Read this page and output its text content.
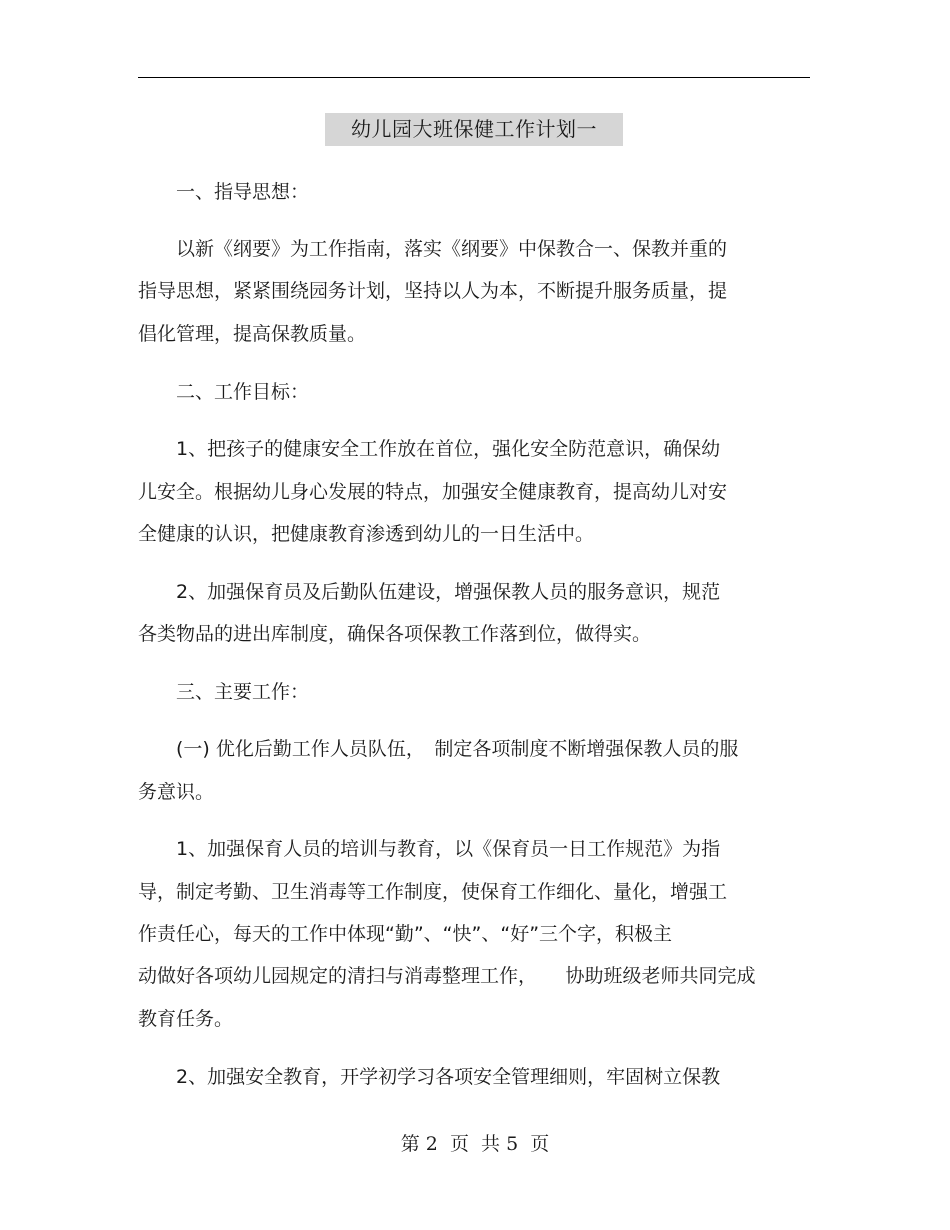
幼儿园大班保健工作计划一
　　一、指导思想：
　　以新《纲要》为工作指南，落实《纲要》中保教合一、保教并重的
指导思想，紧紧围绕园务计划，坚持以人为本，不断提升服务质量，提
倡化管理，提高保教质量。
　　二、工作目标：
　　1、把孩子的健康安全工作放在首位，强化安全防范意识，确保幼
儿安全。根据幼儿身心发展的特点，加强安全健康教育，提高幼儿对安
全健康的认识，把健康教育渗透到幼儿的一日生活中。
　　2、加强保育员及后勤队伍建设，增强保教人员的服务意识，规范
各类物品的进出库制度，确保各项保教工作落到位，做得实。
　　三、主要工作：
　　(一) 优化后勤工作人员队伍，　制定各项制度不断增强保教人员的服
务意识。
　　1、加强保育人员的培训与教育，以《保育员一日工作规范》为指
导，制定考勤、卫生消毒等工作制度，使保育工作细化、量化，增强工
作责任心，每天的工作中体现“勤”、“快”、“好”三个字，积极主
动做好各项幼儿园规定的清扫与消毒整理工作，　　协助班级老师共同完成
教育任务。
　　2、加强安全教育，开学初学习各项安全管理细则，牢固树立保教
第 2  页  共 5  页
